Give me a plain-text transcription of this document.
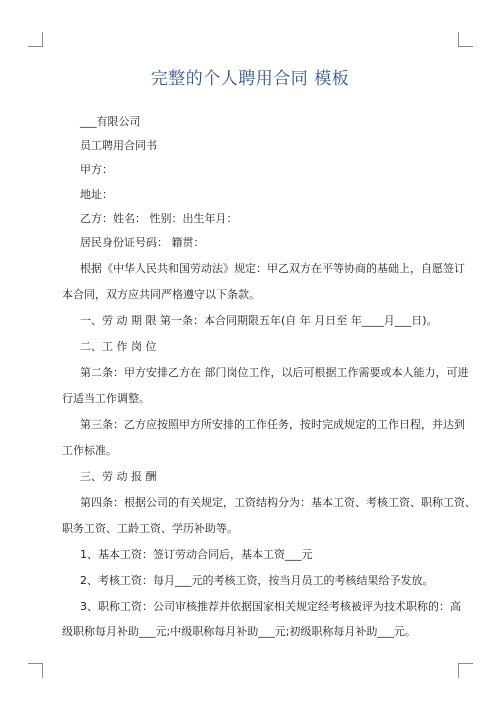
完整的个人聘用合同 模板
___有限公司
员工聘用合同书
甲方：
地址：
乙方：姓名： 性别：出生年月：
居民身份证号码： 籍贯：
根据《中华人民共和国劳动法》规定：甲乙双方在平等协商的基础上，自愿签订
本合同，双方应共同严格遵守以下条款。
一、劳 动 期 限 第一条：本合同期限五年(自 年 月日至 年____月___日)。
二、工 作 岗 位
第二条：甲方安排乙方在 部门岗位工作，以后可根据工作需要或本人能力，可进
行适当工作调整。
第三条：乙方应按照甲方所安排的工作任务，按时完成规定的工作日程，并达到
工作标准。
三、劳 动 报 酬
第四条：根据公司的有关规定，工资结构分为：基本工资、考核工资、职称工资、
职务工资、工龄工资、学历补助等。
1、基本工资：签订劳动合同后，基本工资___元
2、考核工资：每月___元的考核工资，按当月员工的考核结果给予发放。
3、职称工资：公司审核推荐并依据国家相关规定经考核被评为技术职称的：高
级职称每月补助___元;中级职称每月补助___元;初级职称每月补助___元。
